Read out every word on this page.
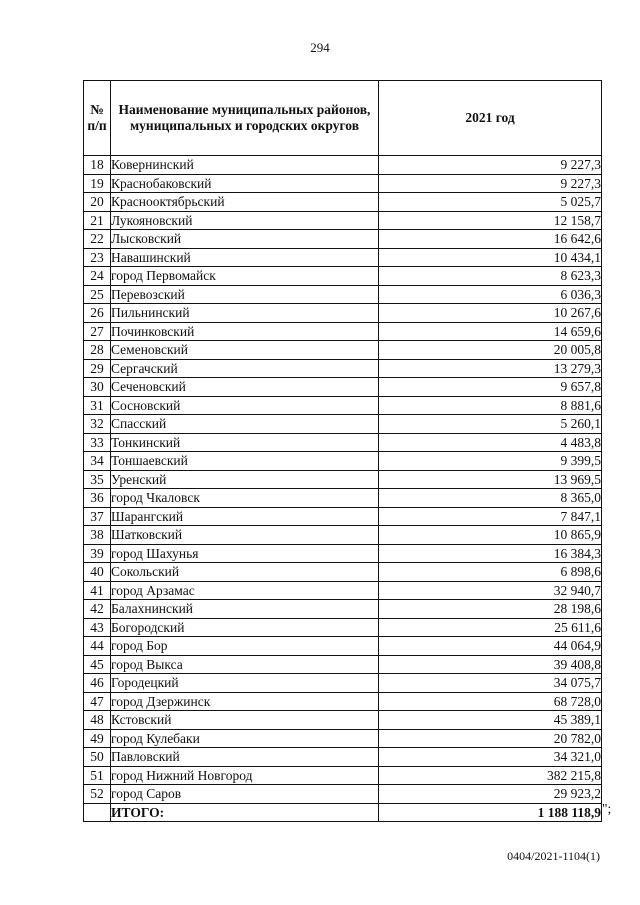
294
№ п/п	Наименование муниципальных районов, муниципальных и городских округов	2021 год
18	Ковернинский	9 227,3
19	Краснобаковский	9 227,3
20	Краснооктябрьский	5 025,7
21	Лукояновский	12 158,7
22	Лысковский	16 642,6
23	Навашинский	10 434,1
24	город Первомайск	8 623,3
25	Перевозский	6 036,3
26	Пильнинский	10 267,6
27	Починковский	14 659,6
28	Семеновский	20 005,8
29	Сергачский	13 279,3
30	Сеченовский	9 657,8
31	Сосновский	8 881,6
32	Спасский	5 260,1
33	Тонкинский	4 483,8
34	Тоншаевский	9 399,5
35	Уренский	13 969,5
36	город Чкаловск	8 365,0
37	Шарангский	7 847,1
38	Шатковский	10 865,9
39	город Шахунья	16 384,3
40	Сокольский	6 898,6
41	город Арзамас	32 940,7
42	Балахнинский	28 198,6
43	Богородский	25 611,6
44	город Бор	44 064,9
45	город Выкса	39 408,8
46	Городецкий	34 075,7
47	город Дзержинск	68 728,0
48	Кстовский	45 389,1
49	город Кулебаки	20 782,0
50	Павловский	34 321,0
51	город Нижний Новгород	382 215,8
52	город Саров	29 923,2
	ИТОГО:	1 188 118,9 ";
0404/2021-1104(1)
